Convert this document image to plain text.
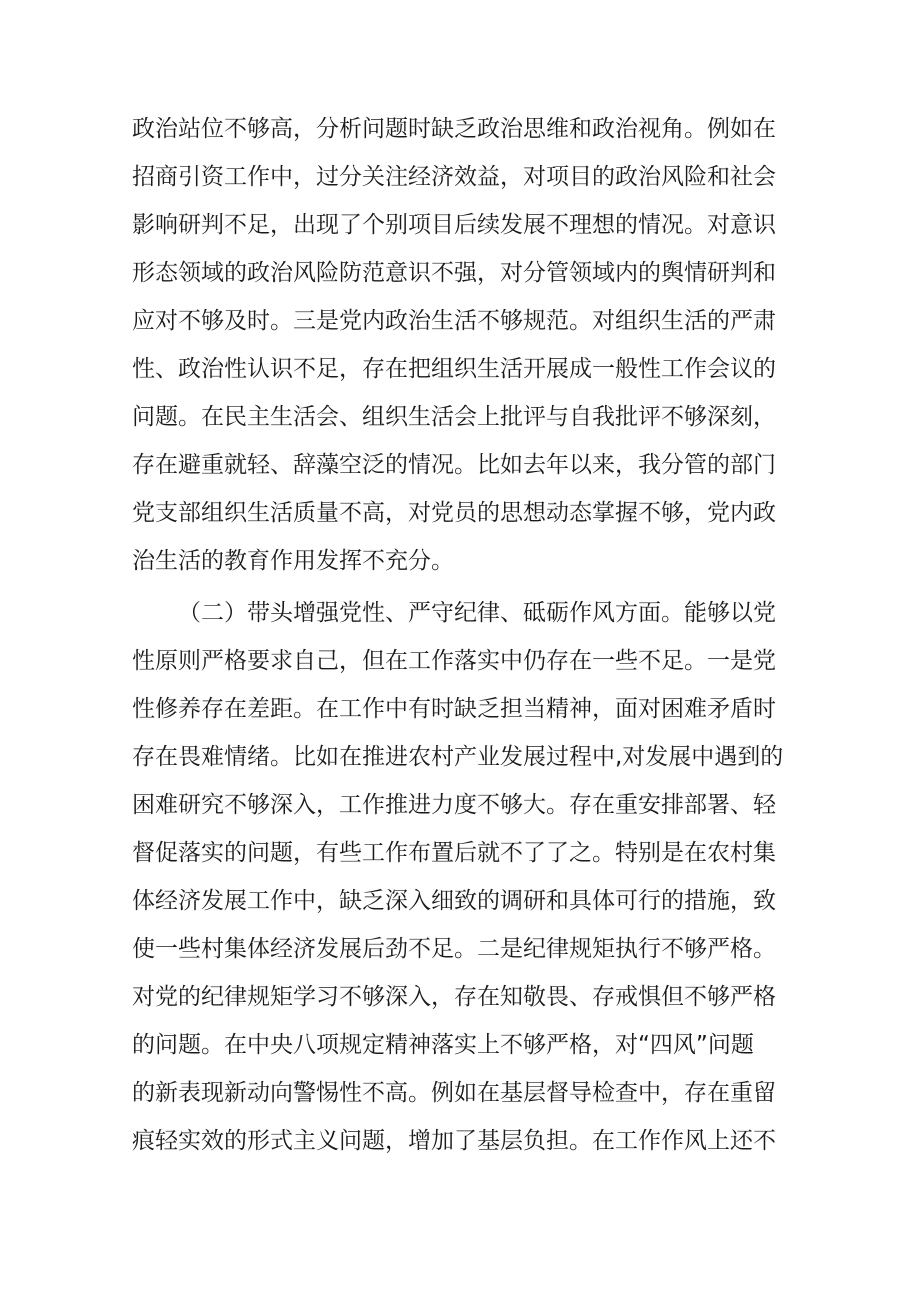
政治站位不够高，分析问题时缺乏政治思维和政治视角。例如在
招商引资工作中，过分关注经济效益，对项目的政治风险和社会
影响研判不足，出现了个别项目后续发展不理想的情况。对意识
形态领域的政治风险防范意识不强，对分管领域内的舆情研判和
应对不够及时。三是党内政治生活不够规范。对组织生活的严肃
性、政治性认识不足，存在把组织生活开展成一般性工作会议的
问题。在民主生活会、组织生活会上批评与自我批评不够深刻，
存在避重就轻、辞藻空泛的情况。比如去年以来，我分管的部门
党支部组织生活质量不高，对党员的思想动态掌握不够，党内政
治生活的教育作用发挥不充分。
（二）带头增强党性、严守纪律、砥砺作风方面。能够以党
性原则严格要求自己，但在工作落实中仍存在一些不足。一是党
性修养存在差距。在工作中有时缺乏担当精神，面对困难矛盾时
存在畏难情绪。比如在推进农村产业发展过程中,对发展中遇到的
困难研究不够深入，工作推进力度不够大。存在重安排部署、轻
督促落实的问题，有些工作布置后就不了了之。特别是在农村集
体经济发展工作中，缺乏深入细致的调研和具体可行的措施，致
使一些村集体经济发展后劲不足。二是纪律规矩执行不够严格。
对党的纪律规矩学习不够深入，存在知敬畏、存戒惧但不够严格
的问题。在中央八项规定精神落实上不够严格，对“四风”问题
的新表现新动向警惕性不高。例如在基层督导检查中，存在重留
痕轻实效的形式主义问题，增加了基层负担。在工作作风上还不
